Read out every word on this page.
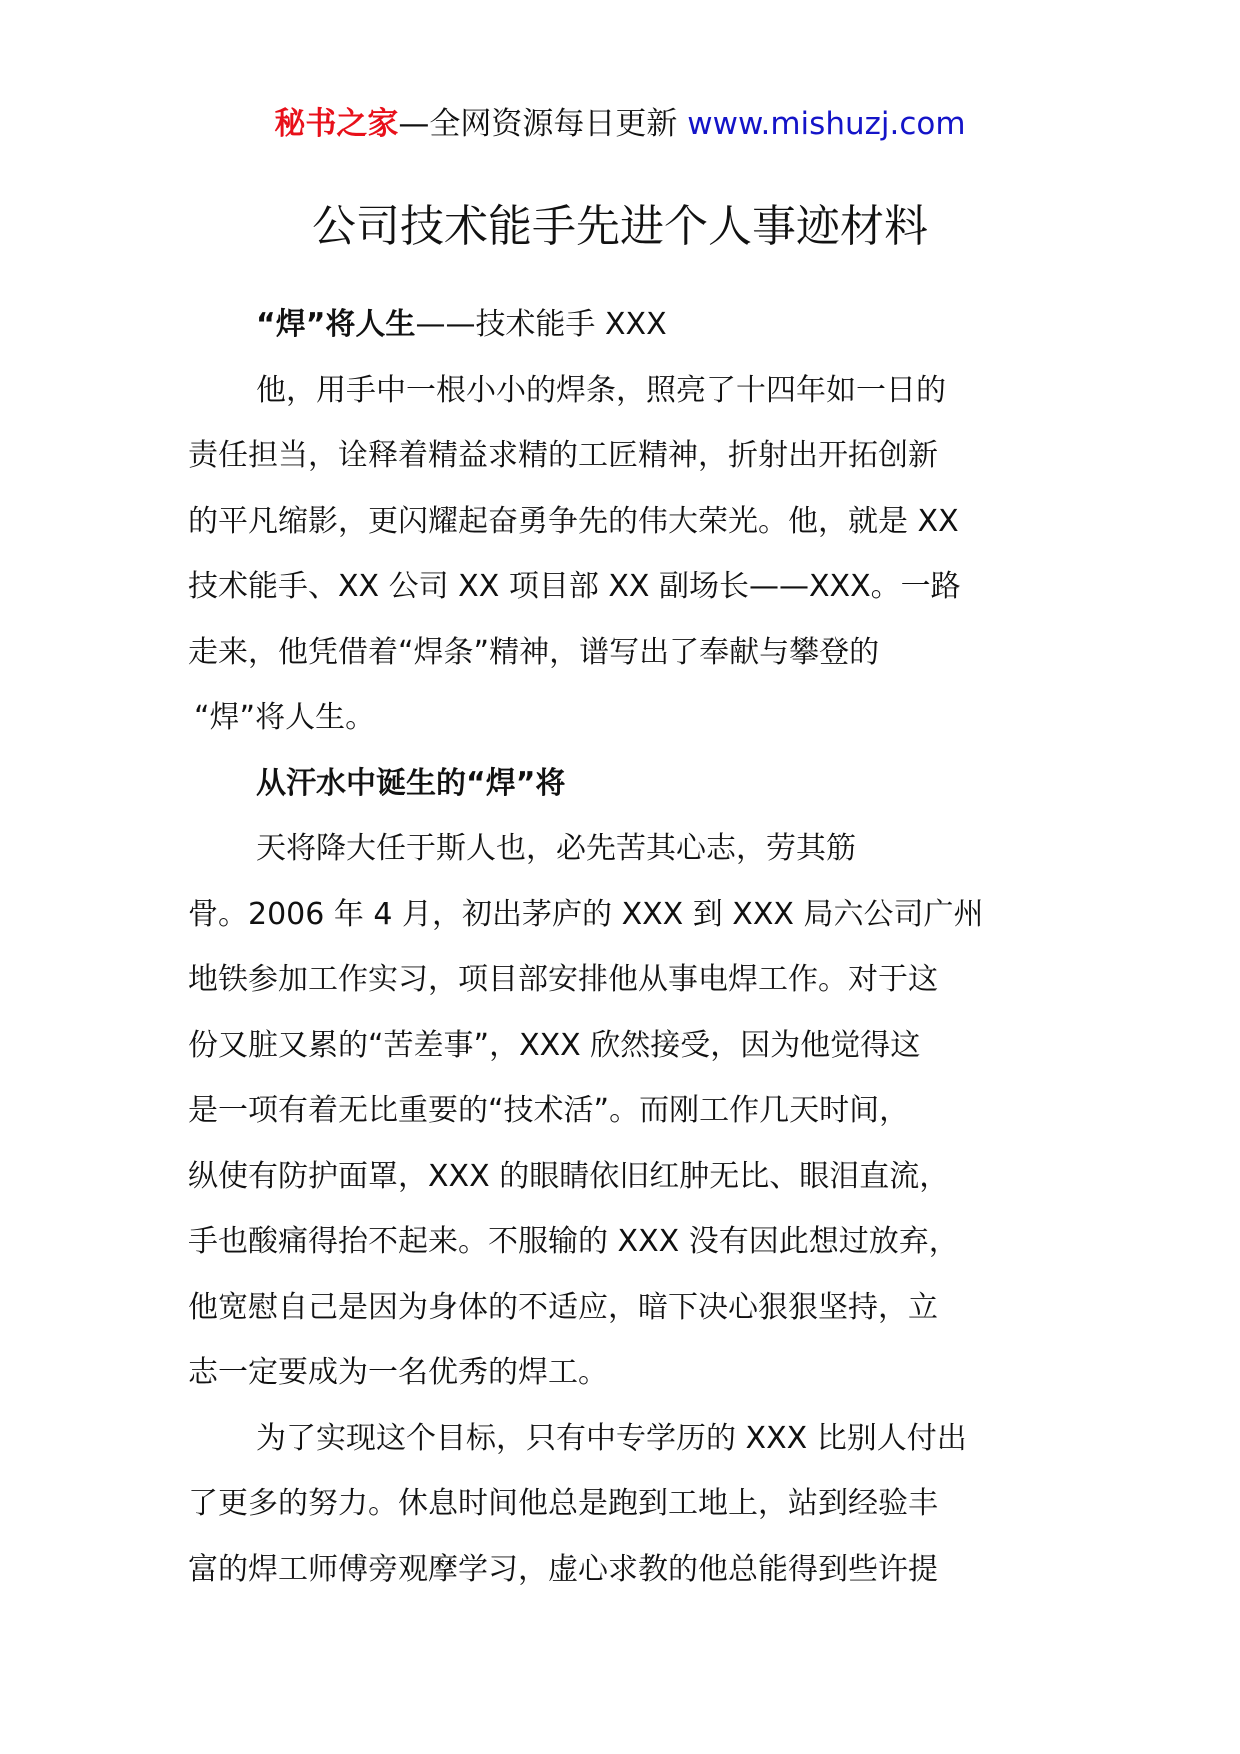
秘书之家—全网资源每日更新 www.mishuzj.com
公司技术能手先进个人事迹材料
“焊”将人生——技术能手 XXX
他，用手中一根小小的焊条，照亮了十四年如一日的
责任担当，诠释着精益求精的工匠精神，折射出开拓创新
的平凡缩影，更闪耀起奋勇争先的伟大荣光。他，就是 XX
技术能手、XX 公司 XX 项目部 XX 副场长——XXX。一路
走来，他凭借着“焊条”精神，谱写出了奉献与攀登的
“焊”将人生。
从汗水中诞生的“焊”将
天将降大任于斯人也，必先苦其心志，劳其筋
骨。2006 年 4 月，初出茅庐的 XXX 到 XXX 局六公司广州
地铁参加工作实习，项目部安排他从事电焊工作。对于这
份又脏又累的“苦差事”，XXX 欣然接受，因为他觉得这
是一项有着无比重要的“技术活”。而刚工作几天时间，
纵使有防护面罩，XXX 的眼睛依旧红肿无比、眼泪直流，
手也酸痛得抬不起来。不服输的 XXX 没有因此想过放弃，
他宽慰自己是因为身体的不适应，暗下决心狠狠坚持，立
志一定要成为一名优秀的焊工。
为了实现这个目标，只有中专学历的 XXX 比别人付出
了更多的努力。休息时间他总是跑到工地上，站到经验丰
富的焊工师傅旁观摩学习，虚心求教的他总能得到些许提
